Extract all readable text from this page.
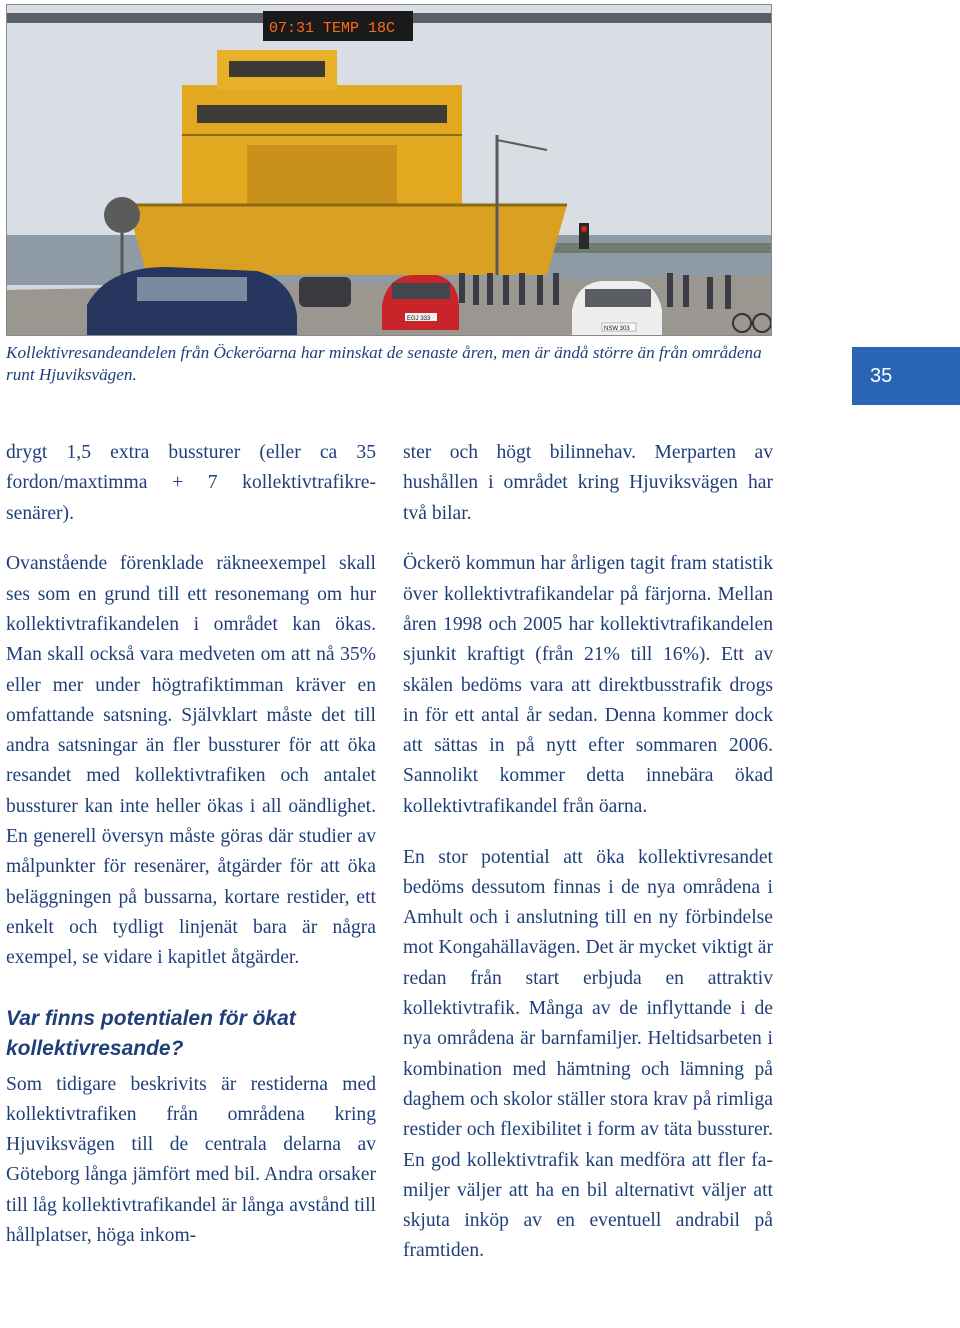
07:31 TEMP 18C
EGJ 333
NSW 303

Kollektivresandeandelen från Öckeröarna har minskat de senaste åren, men är ändå större än från områdena runt Hjuviksvägen.	35

drygt 1,5 extra bussturer (eller ca 35 fordon/maxtimma + 7 kollektivtrafikresenärer).

Ovanstående förenklade räkneexempel skall ses som en grund till ett resonemang om hur kollektivtrafikandelen i området kan ökas. Man skall också vara medveten om att nå 35% eller mer under högtrafiktimman kräver en omfattande satsning. Självklart måste det till andra satsningar än fler bussturer för att öka resandet med kollektivtrafiken och antalet bussturer kan inte heller ökas i all oändlighet. En generell översyn måste göras där studier av målpunkter för resenärer, åtgärder för att öka beläggningen på bussarna, kortare restider, ett enkelt och tydligt linjenät bara är några exempel, se vidare i kapitlet åtgärder.

Var finns potentialen för ökat kollektivresande?

Som tidigare beskrivits är restiderna med kollektivtrafiken från områdena kring Hjuviksvägen till de centrala delarna av Göteborg långa jämfört med bil. Andra orsaker till låg kollektivtrafikandel är långa avstånd till hållplatser, höga inkom-

ster och högt bilinnehav. Merparten av hushållen i området kring Hjuviksvägen har två bilar.

Öckerö kommun har årligen tagit fram statistik över kollektivtrafikandelar på färjorna. Mellan åren 1998 och 2005 har kollektivtrafikandelen sjunkit kraftigt (från 21% till 16%). Ett av skälen bedöms vara att direktbusstrafik drogs in för ett antal år sedan. Denna kommer dock att sättas in på nytt efter sommaren 2006. Sannolikt kommer detta innebära ökad kollektivtrafikandel från öarna.

En stor potential att öka kollektivresandet bedöms dessutom finnas i de nya områdena i Amhult och i anslutning till en ny förbindelse mot Kongahällavägen. Det är mycket viktigt är redan från start erbjuda en attraktiv kollektivtrafik. Många av de inflyttande i de nya områdena är barnfamiljer. Heltidsarbeten i kombination med hämtning och lämning på daghem och skolor ställer stora krav på rimliga restider och flexibilitet i form av täta bussturer. En god kollektivtrafik kan medföra att fler familjer väljer att ha en bil alternativt väljer att skjuta inköp av en eventuell andrabil på framtiden.
